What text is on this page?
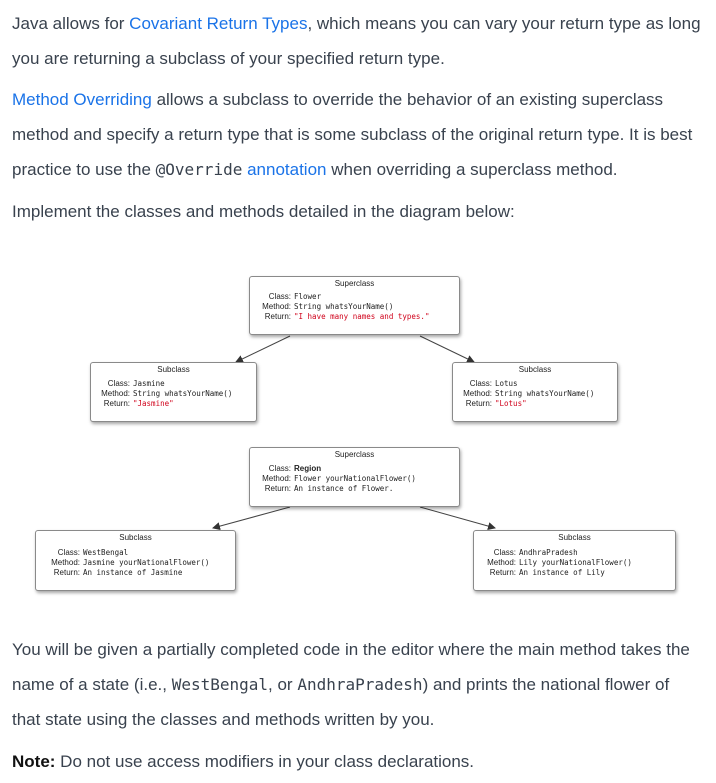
Java allows for Covariant Return Types, which means you can vary your return type as long you are returning a subclass of your specified return type.

Method Overriding allows a subclass to override the behavior of an existing superclass method and specify a return type that is some subclass of the original return type. It is best practice to use the @Override annotation when overriding a superclass method.

Implement the classes and methods detailed in the diagram below:

Superclass
Class: Flower
Method: String whatsYourName()
Return: "I have many names and types."
Subclass
Class: Jasmine
Method: String whatsYourName()
Return: "Jasmine"
Subclass
Class: Lotus
Method: String whatsYourName()
Return: "Lotus"
Superclass
Class: Region
Method: Flower yourNationalFlower()
Return: An instance of Flower.
Subclass
Class: WestBengal
Method: Jasmine yourNationalFlower()
Return: An instance of Jasmine
Subclass
Class: AndhraPradesh
Method: Lily yourNationalFlower()
Return: An instance of Lily

You will be given a partially completed code in the editor where the main method takes the name of a state (i.e., WestBengal, or AndhraPradesh) and prints the national flower of that state using the classes and methods written by you.

Note: Do not use access modifiers in your class declarations.
